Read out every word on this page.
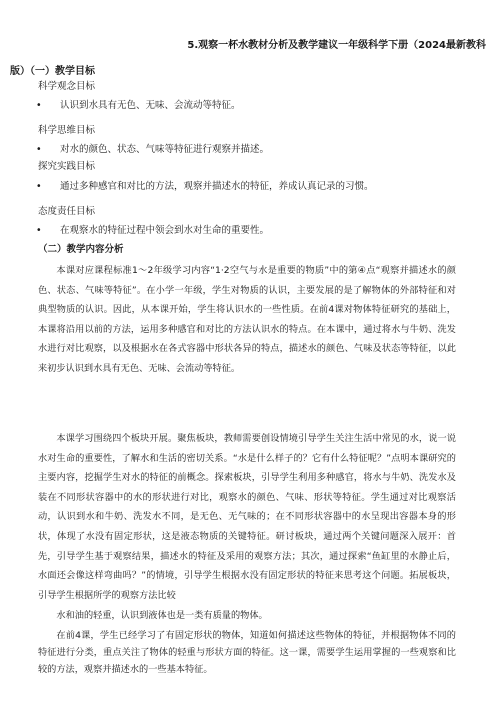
5.观察一杯水教材分析及教学建议一年级科学下册（2024最新教科
版）（一）教学目标
科学观念目标
• 认识到水具有无色、无味、会流动等特征。
科学思维目标
• 对水的颜色、状态、气味等特征进行观察并描述。
探究实践目标
• 通过多种感官和对比的方法，观察并描述水的特征，养成认真记录的习惯。
态度责任目标
• 在观察水的特征过程中领会到水对生命的重要性。
（二）教学内容分析

本课对应课程标准1～2年级学习内容“1·2空气与水是重要的物质”中的第④点“观察并描述水的颜色、状态、气味等特征”。在小学一年级，学生对物质的认识，主要发展的是了解物体的外部特征和对典型物质的认识。因此，从本课开始，学生将认识水的一些性质。在前4课对物体特征研究的基础上，本课将沿用以前的方法，运用多种感官和对比的方法认识水的特点。在本课中，通过将水与牛奶、洗发水进行对比观察，以及根据水在各式容器中形状各异的特点，描述水的颜色、气味及状态等特征，以此来初步认识到水具有无色、无味、会流动等特征。

本课学习围绕四个板块开展。聚焦板块，教师需要创设情境引导学生关注生活中常见的水，说一说水对生命的重要性，了解水和生活的密切关系。“水是什么样子的？它有什么特征呢？”点明本课研究的主要内容，挖掘学生对水的特征的前概念。探索板块，引导学生利用多种感官，将水与牛奶、洗发水及装在不同形状容器中的水的形状进行对比，观察水的颜色、气味、形状等特征。学生通过对比观察活动，认识到水和牛奶、洗发水不同，是无色、无气味的；在不同形状容器中的水呈现出容器本身的形状，体现了水没有固定形状，这是液态物质的关键特征。研讨板块，通过两个关键问题深入展开：首先，引导学生基于观察结果，描述水的特征及采用的观察方法；其次，通过探索“鱼缸里的水静止后，水面还会像这样弯曲吗？”的情境，引导学生根据水没有固定形状的特征来思考这个问题。拓展板块，引导学生根据所学的观察方法比较

水和油的轻重，认识到液体也是一类有质量的物体。

在前4课，学生已经学习了有固定形状的物体，知道如何描述这些物体的特征，并根据物体不同的特征进行分类，重点关注了物体的轻重与形状方面的特征。这一课，需要学生运用掌握的一些观察和比较的方法，观察并描述水的一些基本特征。
